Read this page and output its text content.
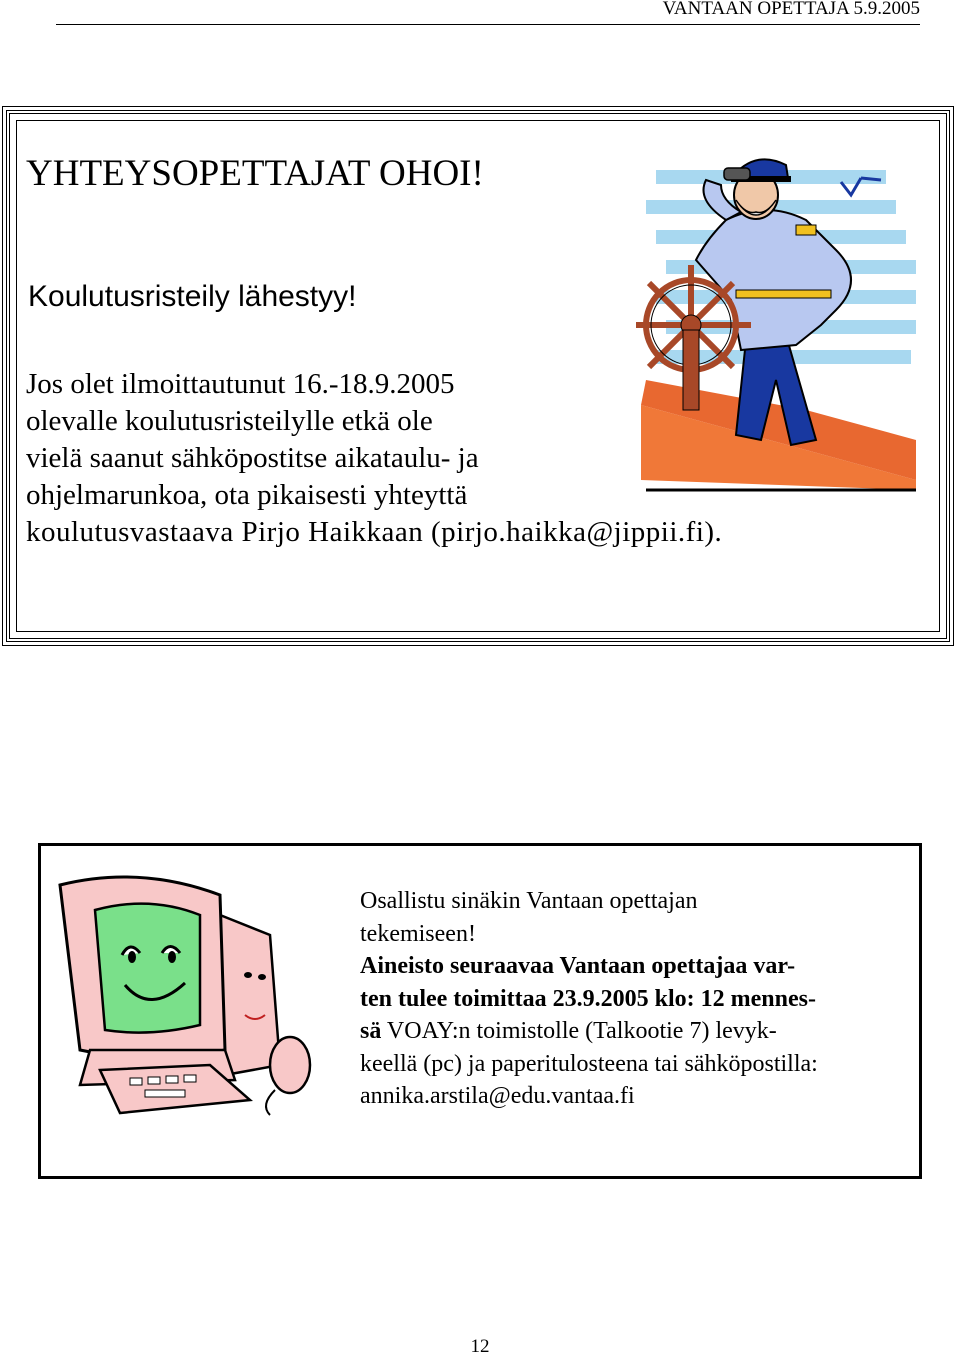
VANTAAN OPETTAJA 5.9.2005
YHTEYSOPETTAJAT OHOI!
Koulutusristeily lähestyy!
Jos olet ilmoittautunut 16.-18.9.2005
olevalle koulutusristeilylle etkä ole
vielä saanut sähköpostitse aikataulu- ja
ohjelmarunkoa, ota pikaisesti yhteyttä
koulutusvastaava Pirjo Haikkaan (pirjo.haikka@jippii.fi).
Osallistu sinäkin Vantaan opettajan
tekemiseen!
Aineisto seuraavaa Vantaan opettajaa var-
ten tulee toimittaa 23.9.2005 klo: 12 mennes-
sä VOAY:n toimistolle (Talkootie 7) levyk-
keellä (pc) ja paperitulosteena tai sähköpostilla:
annika.arstila@edu.vantaa.fi
12
